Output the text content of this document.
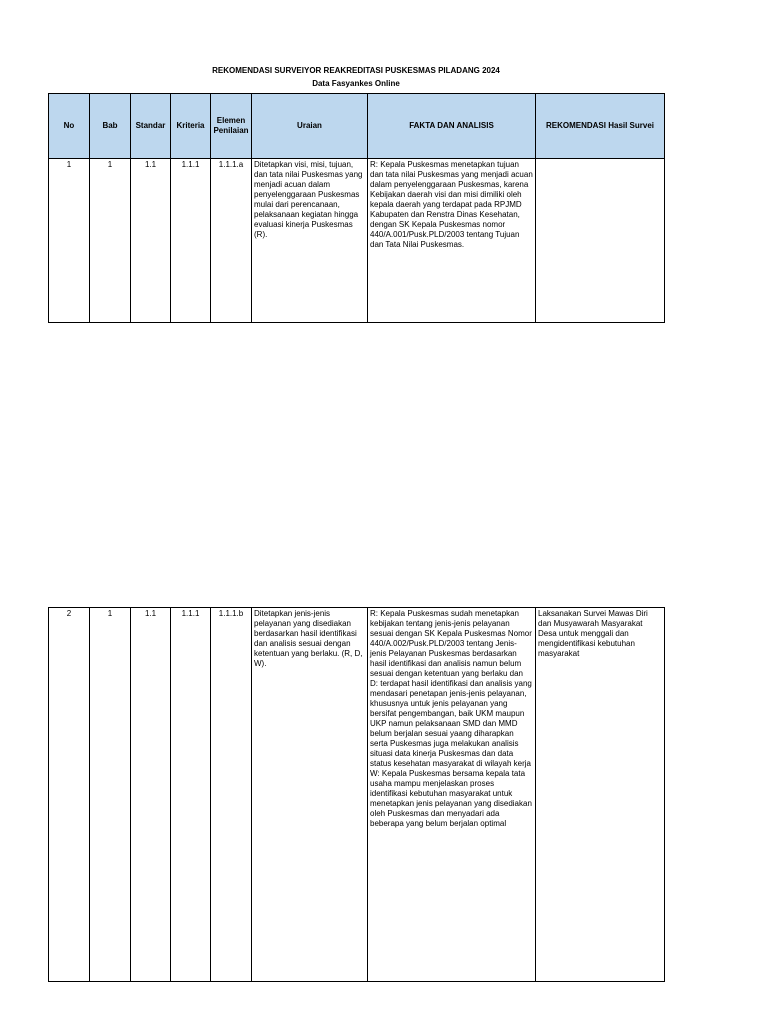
REKOMENDASI SURVEIYOR REAKREDITASI PUSKESMAS PILADANG 2024
Data Fasyankes Online
No	Bab	Standar	Kriteria	Elemen Penilaian	Uraian	FAKTA DAN ANALISIS	REKOMENDASI Hasil Survei
1	1	1.1	1.1.1	1.1.1.a	Ditetapkan visi, misi, tujuan, dan tata nilai Puskesmas yang menjadi acuan dalam penyelenggaraan Puskesmas mulai dari perencanaan, pelaksanaan kegiatan hingga evaluasi kinerja Puskesmas (R).	R: Kepala Puskesmas menetapkan tujuan dan tata nilai Puskesmas yang menjadi acuan dalam penyelenggaraan Puskesmas, karena Kebijakan daerah visi dan misi dimiliki oleh kepala daerah yang terdapat pada RPJMD Kabupaten dan Renstra Dinas Kesehatan, dengan SK Kepala Puskesmas nomor 440/A.001/Pusk.PLD/2003 tentang Tujuan dan Tata Nilai Puskesmas.	
2	1	1.1	1.1.1	1.1.1.b	Ditetapkan jenis-jenis pelayanan yang disediakan berdasarkan hasil identifikasi dan analisis sesuai dengan ketentuan yang berlaku. (R, D, W).	R: Kepala Puskesmas sudah menetapkan kebijakan tentang jenis-jenis pelayanan sesuai dengan SK Kepala Puskesmas Nomor 440/A.002/Pusk.PLD/2003 tentang Jenis-jenis Pelayanan Puskesmas berdasarkan hasil identifikasi dan analisis namun belum sesuai dengan ketentuan yang berlaku dan D: terdapat hasil identifikasi dan analisis yang mendasari penetapan jenis-jenis pelayanan, khususnya untuk jenis pelayanan yang bersifat pengembangan, baik UKM maupun UKP namun pelaksanaan SMD dan MMD belum berjalan sesuai yaang diharapkan serta Puskesmas juga melakukan analisis situasi data kinerja Puskesmas dan data status kesehatan masyarakat di wilayah kerja W: Kepala Puskesmas bersama kepala tata usaha mampu menjelaskan proses identifikasi kebutuhan masyarakat untuk menetapkan jenis pelayanan yang disediakan oleh Puskesmas dan menyadari ada beberapa yang belum berjalan optimal	Laksanakan Survei Mawas Diri dan Musyawarah Masyarakat Desa untuk menggali dan mengidentifikasi kebutuhan masyarakat
